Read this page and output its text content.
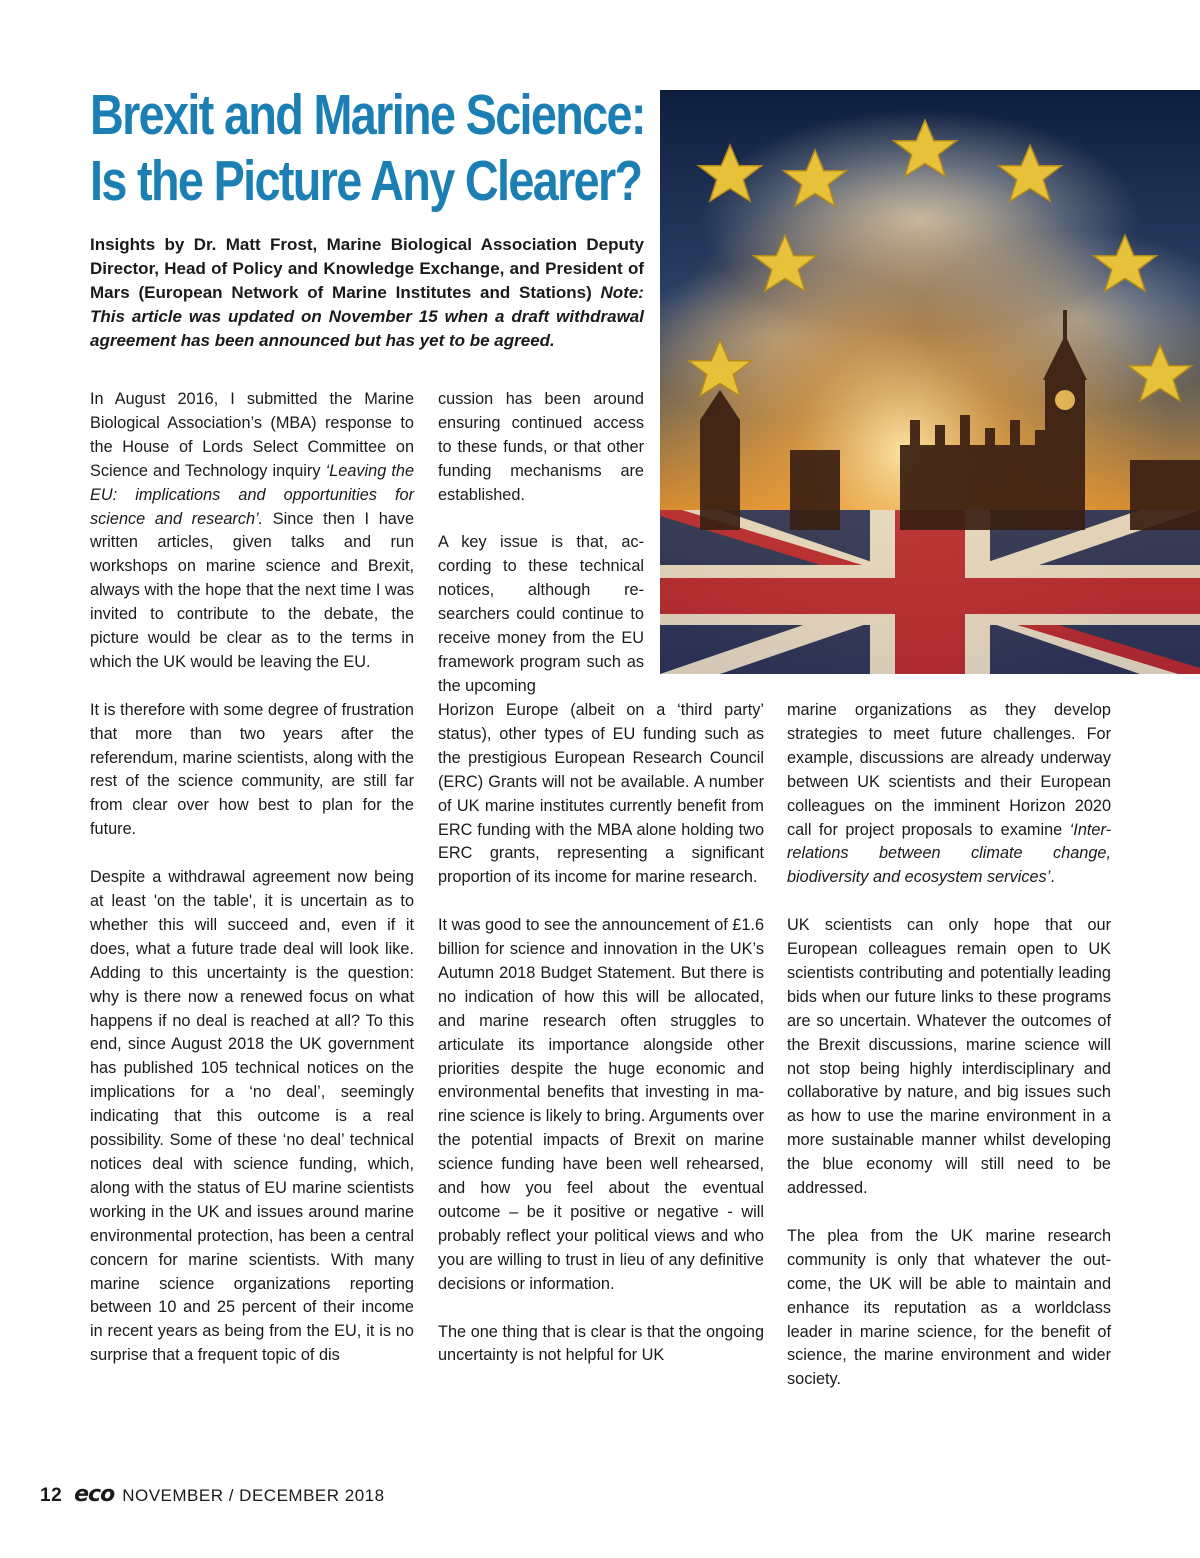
Brexit and Marine Science:
Is the Picture Any Clearer?

Insights by Dr. Matt Frost, Marine Biological Association Deputy Director, Head of Policy and Knowledge Exchange, and President of Mars (European Network of Marine Institutes and Stations) Note: This article was updated on November 15 when a draft withdrawal agreement has been announced but has yet to be agreed.

In August 2016, I submitted the Marine Biological Association’s (MBA) response to the House of Lords Select Committee on Science and Technology inquiry ‘Leaving the EU: implications and opportunities for science and research’. Since then I have written articles, given talks and run workshops on marine science and Brexit, always with the hope that the next time I was invited to contribute to the debate, the picture would be clear as to the terms in which the UK would be leaving the EU.

It is therefore with some degree of frustration that more than two years after the referendum, marine scientists, along with the rest of the science community, are still far from clear over how best to plan for the future.

Despite a withdrawal agreement now being at least 'on the table', it is uncertain as to whether this will succeed and, even if it does, what a future trade deal will look like. Adding to this uncertainty is the question: why is there now a renewed focus on what happens if no deal is reached at all? To this end, since August 2018 the UK government has published 105 technical notices on the implications for a ‘no deal’, seemingly indicating that this outcome is a real possibility. Some of these ‘no deal’ technical notices deal with science funding, which, along with the status of EU marine scientists working in the UK and issues around marine environmental protection, has been a central concern for marine scientists. With many marine science organizations reporting between 10 and 25 percent of their income in recent years as being from the EU, it is no surprise that a frequent topic of dis

cussion has been around ensuring continued access to these funds, or that other funding mechanisms are established.

A key issue is that, according to these technical notices, although researchers could continue to receive money from the EU framework program such as the upcoming

Horizon Europe (albeit on a ‘third party’ status), other types of EU funding such as the prestigious European Research Council (ERC) Grants will not be available. A number of UK marine institutes currently benefit from ERC funding with the MBA alone holding two ERC grants, representing a significant proportion of its income for marine research.

It was good to see the announcement of £1.6 billion for science and innovation in the UK’s Autumn 2018 Budget Statement. But there is no indication of how this will be allocated, and marine research often struggles to articulate its importance alongside other priorities despite the huge economic and environmental benefits that investing in marine science is likely to bring. Arguments over the potential impacts of Brexit on marine science funding have been well rehearsed, and how you feel about the eventual outcome – be it positive or negative - will probably reflect your political views and who you are willing to trust in lieu of any definitive decisions or information.

The one thing that is clear is that the ongoing uncertainty is not helpful for UK

marine organizations as they develop strategies to meet future challenges. For example, discussions are already underway between UK scientists and their European colleagues on the imminent Horizon 2020 call for project proposals to examine ‘Inter-relations between climate change, biodiversity and ecosystem services’.

UK scientists can only hope that our European colleagues remain open to UK scientists contributing and potentially leading bids when our future links to these programs are so uncertain. Whatever the outcomes of the Brexit discussions, marine science will not stop being highly interdisciplinary and collaborative by nature, and big issues such as how to use the marine environment in a more sustainable manner whilst developing the blue economy will still need to be addressed.

The plea from the UK marine research community is only that whatever the outcome, the UK will be able to maintain and enhance its reputation as a worldclass leader in marine science, for the benefit of science, the marine environment and wider society.

12 eco NOVEMBER / DECEMBER 2018
